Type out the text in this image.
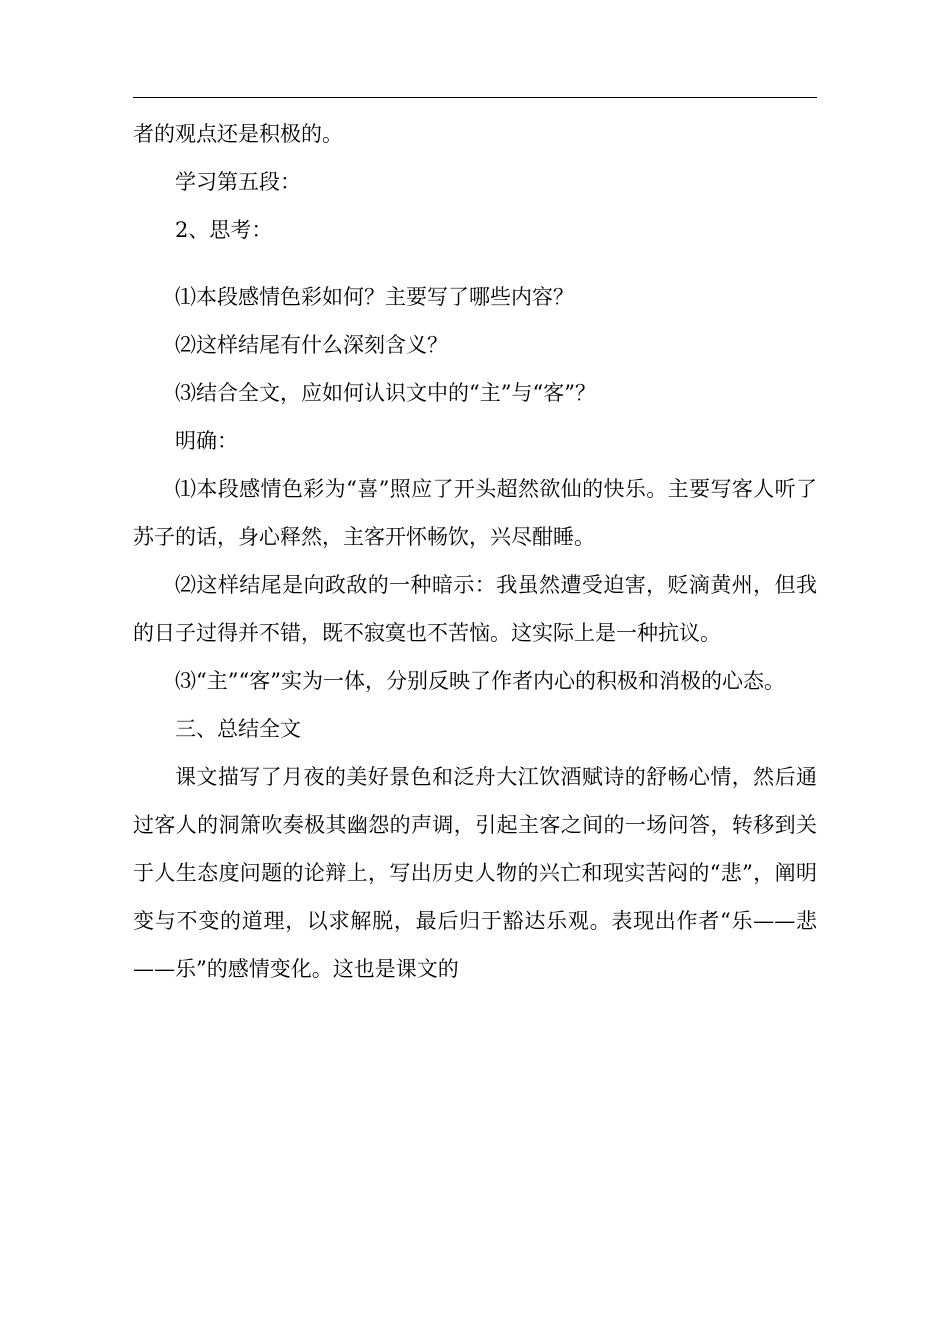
者的观点还是积极的。

学习第五段：

2、思考：

⑴本段感情色彩如何？主要写了哪些内容？

⑵这样结尾有什么深刻含义？

⑶结合全文，应如何认识文中的“主”与“客”？

明确：

⑴本段感情色彩为“喜”照应了开头超然欲仙的快乐。主要写客人听了苏子的话，身心释然，主客开怀畅饮，兴尽酣睡。

⑵这样结尾是向政敌的一种暗示：我虽然遭受迫害，贬滴黄州，但我的日子过得并不错，既不寂寞也不苦恼。这实际上是一种抗议。

⑶“主”“客”实为一体，分别反映了作者内心的积极和消极的心态。

三、总结全文

课文描写了月夜的美好景色和泛舟大江饮酒赋诗的舒畅心情，然后通过客人的洞箫吹奏极其幽怨的声调，引起主客之间的一场问答，转移到关于人生态度问题的论辩上，写出历史人物的兴亡和现实苦闷的“悲”，阐明变与不变的道理，以求解脱，最后归于豁达乐观。表现出作者“乐——悲——乐”的感情变化。这也是课文的
